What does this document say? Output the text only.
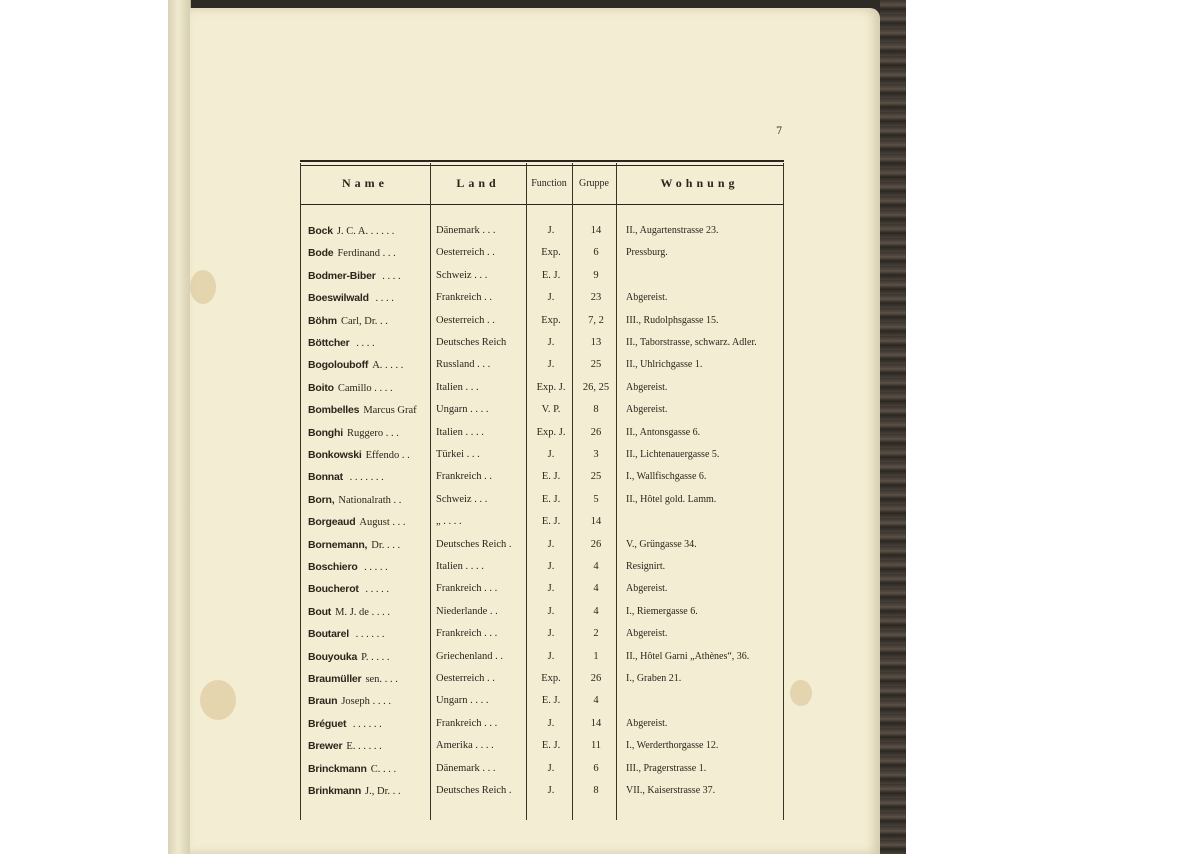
7
Name	Land	Function	Gruppe	Wohnung
Bock J. C. A. . . . . .	Dänemark . . .	J.	14	II., Augartenstrasse 23.
Bode Ferdinand . . .	Oesterreich . .	Exp.	6	Pressburg.
Bodmer-Biber . . . .	Schweiz . . .	E. J.	9
Boeswilwald . . . .	Frankreich . .	J.	23	Abgereist.
Böhm Carl, Dr. . .	Oesterreich . .	Exp.	7, 2	III., Rudolphsgasse 15.
Böttcher . . . .	Deutsches Reich	J.	13	II., Taborstrasse, schwarz. Adler.
Bogolouboff A. . . . .	Russland . . .	J.	25	II., Uhlrichgasse 1.
Boito Camillo . . . .	Italien . . .	Exp. J.	26, 25	Abgereist.
Bombelles Marcus Graf	Ungarn . . . .	V. P.	8	Abgereist.
Bonghi Ruggero . . .	Italien . . . .	Exp. J.	26	II., Antonsgasse 6.
Bonkowski Effendo . .	Türkei . . .	J.	3	II., Lichtenauergasse 5.
Bonnat . . . . . . .	Frankreich . .	E. J.	25	I., Wallfischgasse 6.
Born, Nationalrath . .	Schweiz . . .	E. J.	5	II., Hôtel gold. Lamm.
Borgeaud August . . .	„ . . . .	E. J.	14
Bornemann, Dr. . . .	Deutsches Reich .	J.	26	V., Grüngasse 34.
Boschiero . . . . .	Italien . . . .	J.	4	Resignirt.
Boucherot . . . . .	Frankreich . . .	J.	4	Abgereist.
Bout M. J. de . . . .	Niederlande . .	J.	4	I., Riemergasse 6.
Boutarel . . . . . .	Frankreich . . .	J.	2	Abgereist.
Bouyouka P. . . . .	Griechenland . .	J.	1	II., Hôtel Garni „Athènes“, 36.
Braumüller sen. . . .	Oesterreich . .	Exp.	26	I., Graben 21.
Braun Joseph . . . .	Ungarn . . . .	E. J.	4
Bréguet . . . . . .	Frankreich . . .	J.	14	Abgereist.
Brewer E. . . . . .	Amerika . . . .	E. J.	11	I., Werderthorgasse 12.
Brinckmann C. . . .	Dänemark . . .	J.	6	III., Pragerstrasse 1.
Brinkmann J., Dr. . .	Deutsches Reich .	J.	8	VII., Kaiserstrasse 37.
